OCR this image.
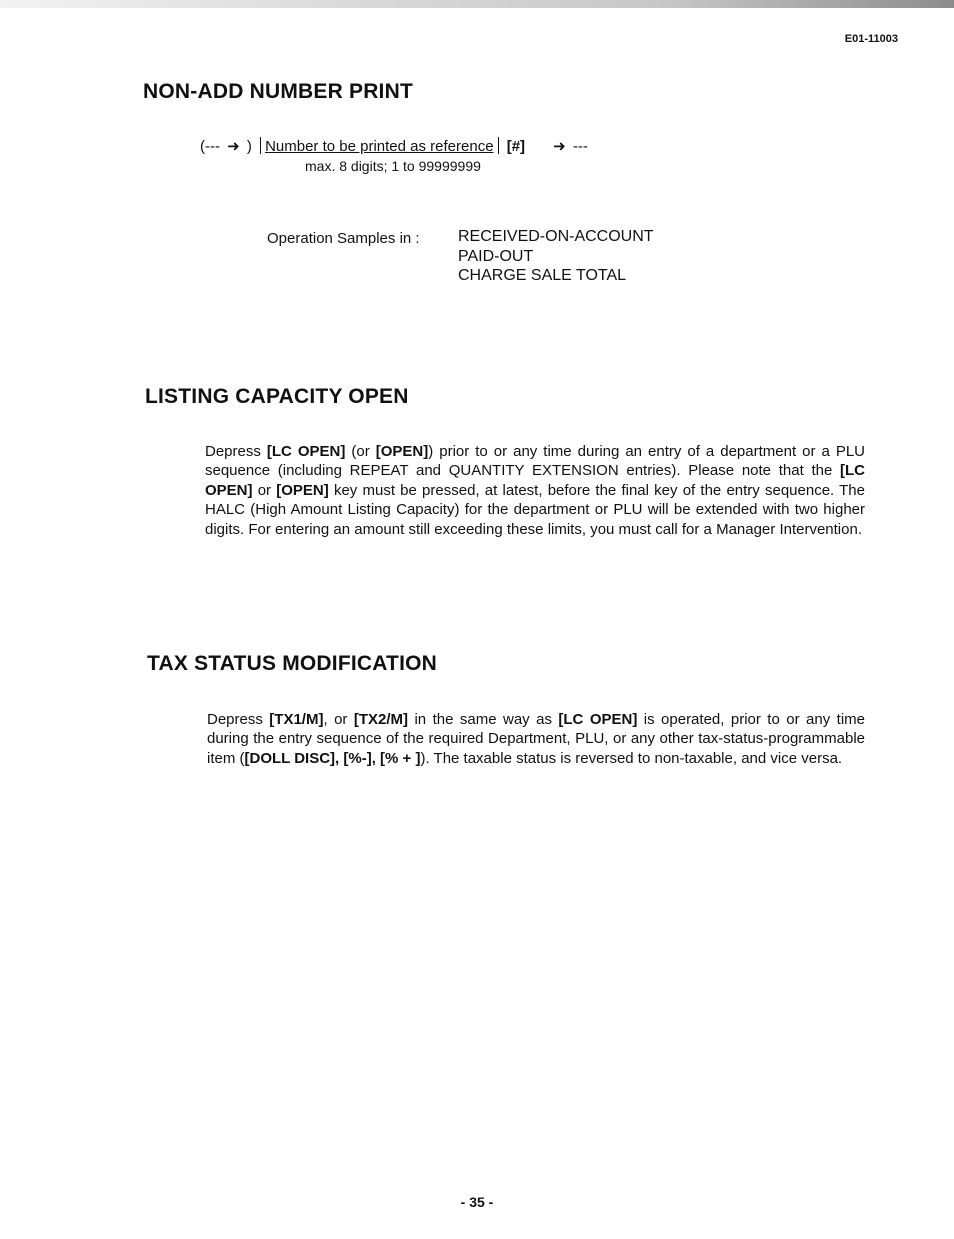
E01-11003
NON-ADD NUMBER PRINT
(--- ➜ ) Number to be printed as reference [#] ➜ ---
max. 8 digits; 1 to 99999999
Operation Samples in : RECEIVED-ON-ACCOUNT
PAID-OUT
CHARGE SALE TOTAL
LISTING CAPACITY OPEN

Depress [LC OPEN] (or [OPEN]) prior to or any time during an entry of a department or a PLU sequence (including REPEAT and QUANTITY EXTENSION entries). Please note that the [LC OPEN] or [OPEN] key must be pressed, at latest, before the final key of the entry sequence. The HALC (High Amount Listing Capacity) for the department or PLU will be extended with two higher digits. For entering an amount still exceeding these limits, you must call for a Manager Intervention.

TAX STATUS MODIFICATION

Depress [TX1/M], or [TX2/M] in the same way as [LC OPEN] is operated, prior to or any time during the entry sequence of the required Department, PLU, or any other tax-status-programmable item ([DOLL DISC], [%-], [% + ]). The taxable status is reversed to non-taxable, and vice versa.

- 35 -
